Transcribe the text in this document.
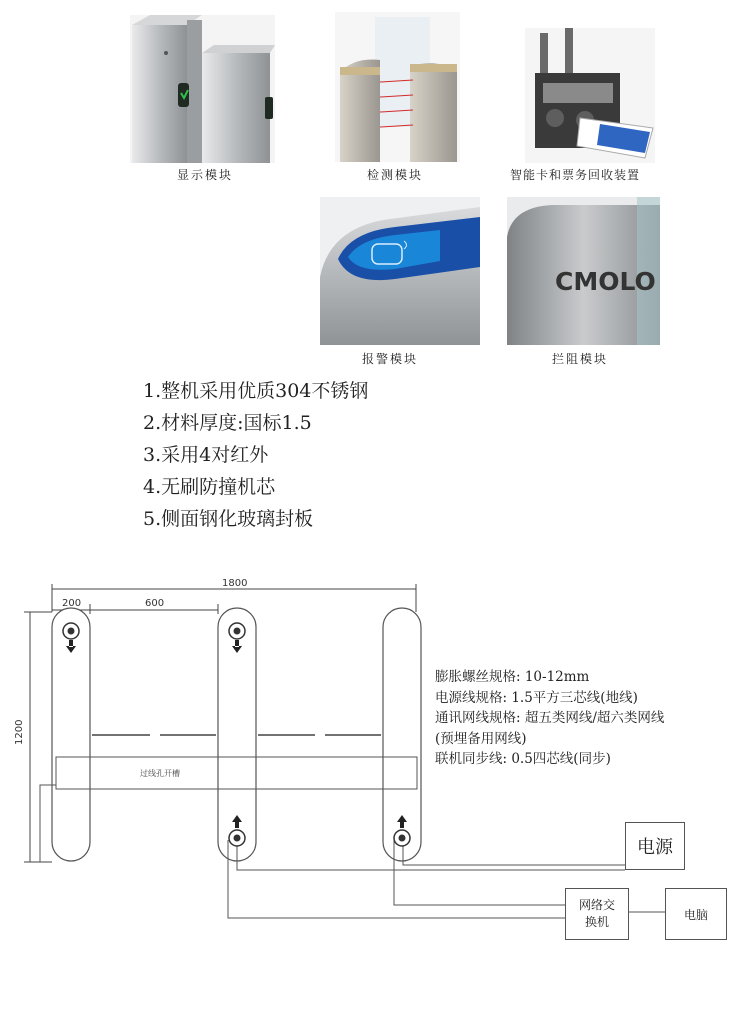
显示模块	检测模块	智能卡和票务回收装置
报警模块
CMOLO
拦阻模块
1.整机采用优质304不锈钢
2.材料厚度:国标1.5
3.采用4对红外
4.无刷防撞机芯
5.侧面钢化玻璃封板
过线孔开槽
1800
200	600
1200
膨胀螺丝规格: 10-12mm
电源线规格: 1.5平方三芯线(地线)
通讯网线规格: 超五类网线/超六类网线
(预埋备用网线)
联机同步线: 0.5四芯线(同步)
电源
网络交
换机
电脑
